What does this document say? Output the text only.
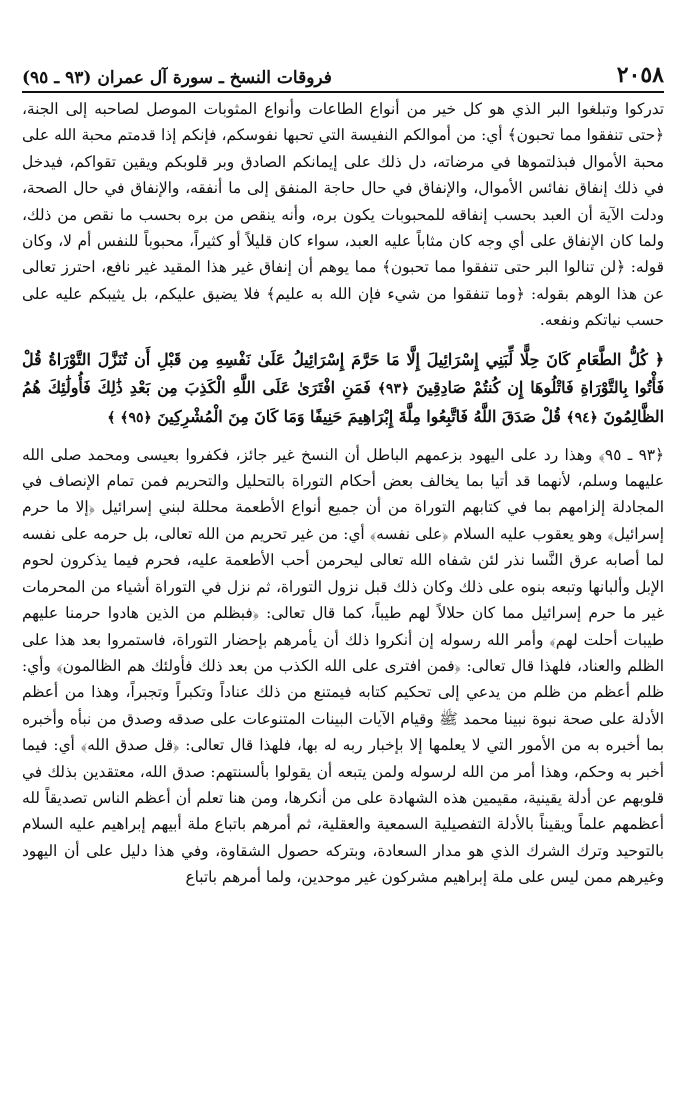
٢٠٥٨
فروقات النسخ ـ سورة آل عمران (٩٣ ـ ٩٥)

تدركوا وتبلغوا البر الذي هو كل خير من أنواع الطاعات وأنواع المثوبات الموصل لصاحبه إلى الجنة، ﴿حتى تنفقوا مما تحبون﴾ أي: من أموالكم النفيسة التي تحبها نفوسكم، فإنكم إذا قدمتم محبة الله على محبة الأموال فبذلتموها في مرضاته، دل ذلك على إيمانكم الصادق وبر قلوبكم ويقين تقواكم، فيدخل في ذلك إنفاق نفائس الأموال، والإنفاق في حال حاجة المنفق إلى ما أنفقه، والإنفاق في حال الصحة، ودلت الآية أن العبد بحسب إنفاقه للمحبوبات يكون بره، وأنه ينقص من بره بحسب ما نقص من ذلك، ولما كان الإنفاق على أي وجه كان مثاباً عليه العبد، سواء كان قليلاً أو كثيراً، محبوباً للنفس أم لا، وكان قوله: ﴿لن تنالوا البر حتى تنفقوا مما تحبون﴾ مما يوهم أن إنفاق غير هذا المقيد غير نافع، احترز تعالى عن هذا الوهم بقوله: ﴿وما تنفقوا من شيء فإن الله به عليم﴾ فلا يضيق عليكم، بل يثيبكم عليه على حسب نياتكم ونفعه.

﴿ كُلُّ الطَّعَامِ كَانَ حِلًّا لِّبَنِي إِسْرَائِيلَ إِلَّا مَا حَرَّمَ إِسْرَائِيلُ عَلَىٰ نَفْسِهِ مِن قَبْلِ أَن تُنَزَّلَ التَّوْرَاةُ قُلْ فَأْتُوا بِالتَّوْرَاةِ فَاتْلُوهَا إِن كُنتُمْ صَادِقِينَ ﴿٩٣﴾ فَمَنِ افْتَرَىٰ عَلَى اللَّهِ الْكَذِبَ مِن بَعْدِ ذَٰلِكَ فَأُولَٰئِكَ هُمُ الظَّالِمُونَ ﴿٩٤﴾ قُلْ صَدَقَ اللَّهُ فَاتَّبِعُوا مِلَّةَ إِبْرَاهِيمَ حَنِيفًا وَمَا كَانَ مِنَ الْمُشْرِكِينَ ﴿٩٥﴾ ﴾

﴿٩٣ ـ ٩٥﴾ وهذا رد على اليهود بزعمهم الباطل أن النسخ غير جائز، فكفروا بعيسى ومحمد صلى الله عليهما وسلم، لأنهما قد أتيا بما يخالف بعض أحكام التوراة بالتحليل والتحريم فمن تمام الإنصاف في المجادلة إلزامهم بما في كتابهم التوراة من أن جميع أنواع الأطعمة محللة لبني إسرائيل ﴿إلا ما حرم إسرائيل﴾ وهو يعقوب عليه السلام ﴿على نفسه﴾ أي: من غير تحريم من الله تعالى، بل حرمه على نفسه لما أصابه عرق النَّسا نذر لئن شفاه الله تعالى ليحرمن أحب الأطعمة عليه، فحرم فيما يذكرون لحوم الإبل وألبانها وتبعه بنوه على ذلك وكان ذلك قبل نزول التوراة، ثم نزل في التوراة أشياء من المحرمات غير ما حرم إسرائيل مما كان حلالاً لهم طيباً، كما قال تعالى: ﴿فبظلم من الذين هادوا حرمنا عليهم طيبات أحلت لهم﴾ وأمر الله رسوله إن أنكروا ذلك أن يأمرهم بإحضار التوراة، فاستمروا بعد هذا على الظلم والعناد، فلهذا قال تعالى: ﴿فمن افترى على الله الكذب من بعد ذلك فأولئك هم الظالمون﴾ وأي: ظلم أعظم من ظلم من يدعي إلى تحكيم كتابه فيمتنع من ذلك عناداً وتكبراً وتجبراً، وهذا من أعظم الأدلة على صحة نبوة نبينا محمد ﷺ وقيام الآيات البينات المتنوعات على صدقه وصدق من نبأه وأخبره بما أخبره به من الأمور التي لا يعلمها إلا بإخبار ربه له بها، فلهذا قال تعالى: ﴿قل صدق الله﴾ أي: فيما أخبر به وحكم، وهذا أمر من الله لرسوله ولمن يتبعه أن يقولوا بألسنتهم: صدق الله، معتقدين بذلك في قلوبهم عن أدلة يقينية، مقيمين هذه الشهادة على من أنكرها، ومن هنا تعلم أن أعظم الناس تصديقاً لله أعظمهم علماً ويقيناً بالأدلة التفصيلية السمعية والعقلية، ثم أمرهم باتباع ملة أبيهم إبراهيم عليه السلام بالتوحيد وترك الشرك الذي هو مدار السعادة، وبتركه حصول الشقاوة، وفي هذا دليل على أن اليهود وغيرهم ممن ليس على ملة إبراهيم مشركون غير موحدين، ولما أمرهم باتباع
